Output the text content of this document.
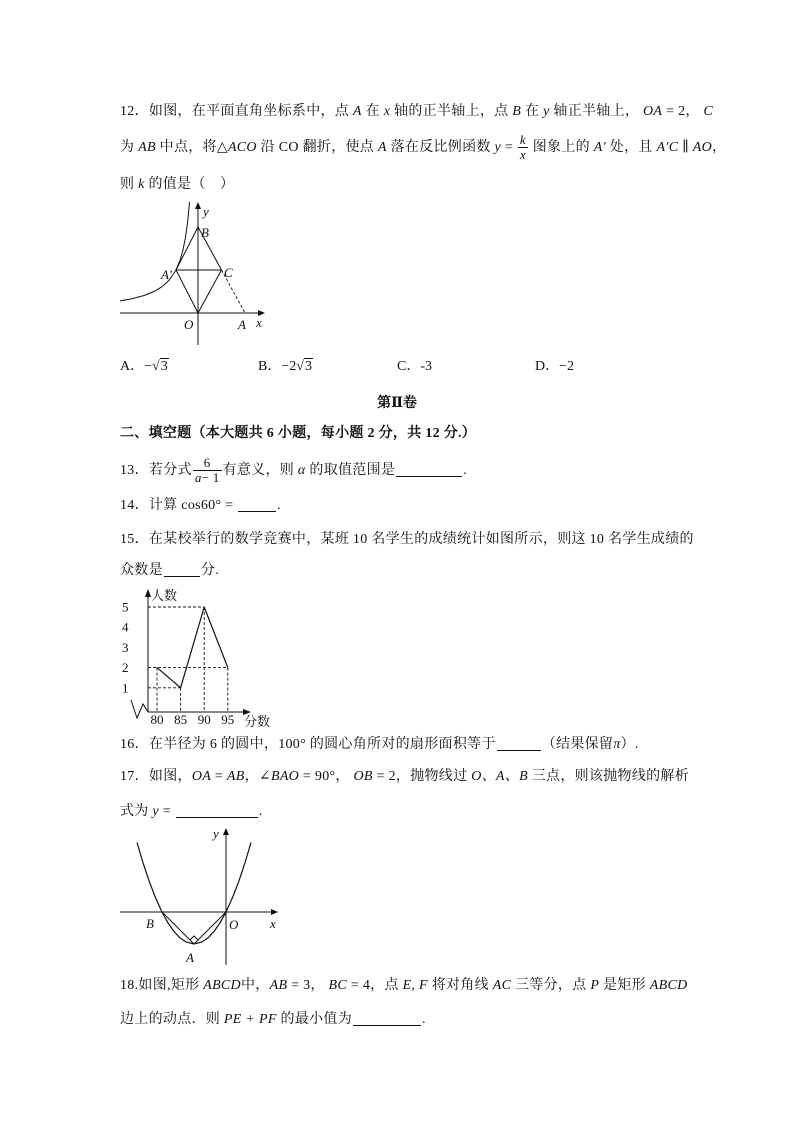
12．如图，在平面直角坐标系中，点 A 在 x 轴的正半轴上，点 B 在 y 轴正半轴上， OA = 2， C
为 AB 中点，将△ACO 沿 CO 翻折，使点 A 落在反比例函数 $y = \frac{k}{x}$ 图象上的 A′ 处，且 A′C ∥ AO，
则 k 的值是（　）
y
B
A′	C
O	A x
A．−√3	B．−2√3	C．-3	D．−2
第Ⅱ卷
二、填空题（本大题共 6 小题，每小题 2 分，共 12 分.）
13．若分式 $\frac{6}{a- 1}$ 有意义，则 α 的取值范围是	.
14．计算 cos60° =	.
15．在某校举行的数学竞赛中，某班 10 名学生的成绩统计如图所示，则这 10 名学生成绩的
众数是	分.
人数
分数
1
2
3
4
5
80 85 90 95
16．在半径为 6 的圆中，100° 的圆心角所对的扇形面积等于	（结果保留π）.
17．如图，OA = AB，∠BAO = 90°， OB = 2，抛物线过 O、A、B 三点，则该抛物线的解析
式为 y =	.
y
x
B	O
A
18.如图,矩形 ABCD中，AB = 3， BC = 4，点 E, F 将对角线 AC 三等分，点 P 是矩形 ABCD
边上的动点．则 PE + PF 的最小值为	.
